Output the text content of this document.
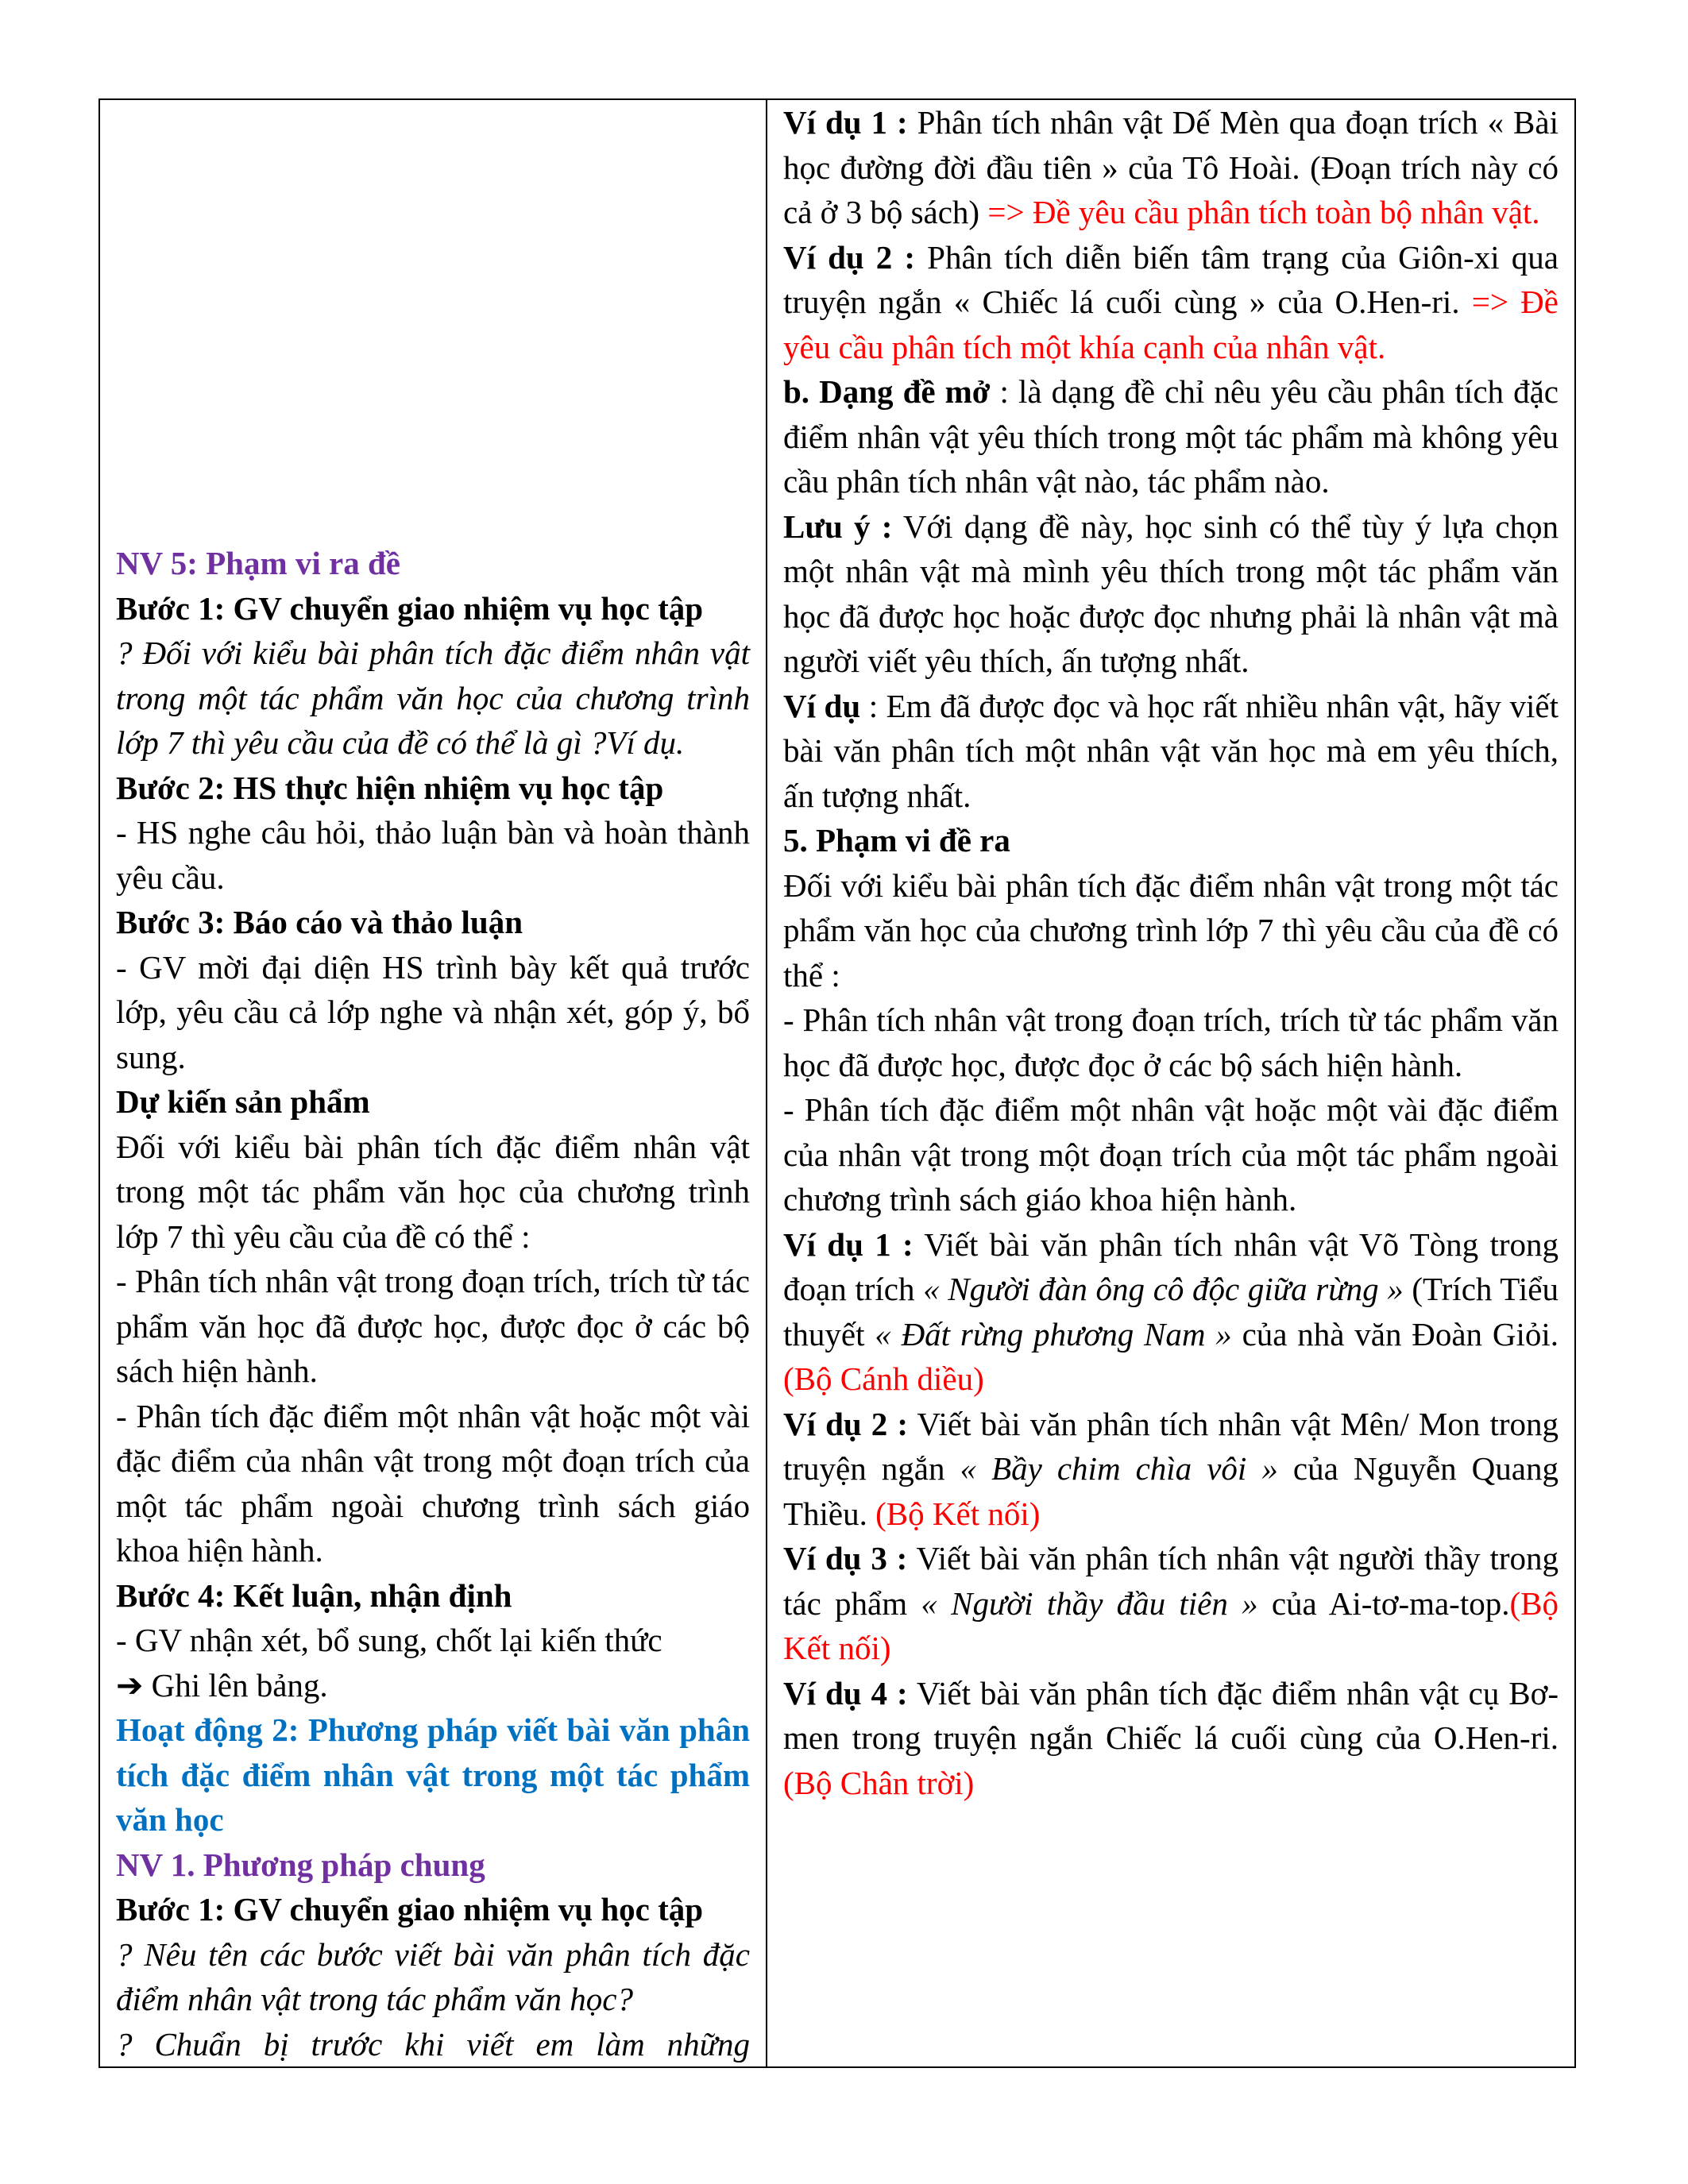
NV 5: Phạm vi ra đề

Bước 1: GV chuyển giao nhiệm vụ học tập

? Đối với kiểu bài phân tích đặc điểm nhân vật trong một tác phẩm văn học của chương trình lớp 7 thì yêu cầu của đề có thể là gì ?Ví dụ.

Bước 2: HS thực hiện nhiệm vụ học tập

- HS nghe câu hỏi, thảo luận bàn và hoàn thành yêu cầu.

Bước 3: Báo cáo và thảo luận

- GV mời đại diện HS trình bày kết quả trước lớp, yêu cầu cả lớp nghe và nhận xét, góp ý, bổ sung.

Dự kiến sản phẩm

Đối với kiểu bài phân tích đặc điểm nhân vật trong một tác phẩm văn học của chương trình lớp 7 thì yêu cầu của đề có thể :

- Phân tích nhân vật trong đoạn trích, trích từ tác phẩm văn học đã được học, được đọc ở các bộ sách hiện hành.

- Phân tích đặc điểm một nhân vật hoặc một vài đặc điểm của nhân vật trong một đoạn trích của một tác phẩm ngoài chương trình sách giáo khoa hiện hành.

Bước 4: Kết luận, nhận định

- GV nhận xét, bổ sung, chốt lại kiến thức
➔ Ghi lên bảng.

Hoạt động 2: Phương pháp viết bài văn phân tích đặc điểm nhân vật trong một tác phẩm văn học

NV 1. Phương pháp chung

Bước 1: GV chuyển giao nhiệm vụ học tập

? Nêu tên các bước viết bài văn phân tích đặc điểm nhân vật trong tác phẩm văn học?

? Chuẩn bị trước khi viết em làm những

Ví dụ 1 : Phân tích nhân vật Dế Mèn qua đoạn trích « Bài học đường đời đầu tiên » của Tô Hoài. (Đoạn trích này có cả ở 3 bộ sách) => Đề yêu cầu phân tích toàn bộ nhân vật.

Ví dụ 2 : Phân tích diễn biến tâm trạng của Giôn-xi qua truyện ngắn « Chiếc lá cuối cùng » của O.Hen-ri. => Đề yêu cầu phân tích một khía cạnh của nhân vật.

b. Dạng đề mở : là dạng đề chỉ nêu yêu cầu phân tích đặc điểm nhân vật yêu thích trong một tác phẩm mà không yêu cầu phân tích nhân vật nào, tác phẩm nào.

Lưu ý : Với dạng đề này, học sinh có thể tùy ý lựa chọn một nhân vật mà mình yêu thích trong một tác phẩm văn học đã được học hoặc được đọc nhưng phải là nhân vật mà người viết yêu thích, ấn tượng nhất.

Ví dụ : Em đã được đọc và học rất nhiều nhân vật, hãy viết bài văn phân tích một nhân vật văn học mà em yêu thích, ấn tượng nhất.

5. Phạm vi đề ra

Đối với kiểu bài phân tích đặc điểm nhân vật trong một tác phẩm văn học của chương trình lớp 7 thì yêu cầu của đề có thể :

- Phân tích nhân vật trong đoạn trích, trích từ tác phẩm văn học đã được học, được đọc ở các bộ sách hiện hành.

- Phân tích đặc điểm một nhân vật hoặc một vài đặc điểm của nhân vật trong một đoạn trích của một tác phẩm ngoài chương trình sách giáo khoa hiện hành.

Ví dụ 1 : Viết bài văn phân tích nhân vật Võ Tòng trong đoạn trích « Người đàn ông cô độc giữa rừng » (Trích Tiểu thuyết « Đất rừng phương Nam » của nhà văn Đoàn Giỏi. (Bộ Cánh diều)

Ví dụ 2 : Viết bài văn phân tích nhân vật Mên/ Mon trong truyện ngắn « Bầy chim chìa vôi » của Nguyễn Quang Thiều. (Bộ Kết nối)

Ví dụ 3 : Viết bài văn phân tích nhân vật người thầy trong tác phẩm « Người thầy đầu tiên » của Ai-tơ-ma-top.(Bộ Kết nối)

Ví dụ 4 : Viết bài văn phân tích đặc điểm nhân vật cụ Bơ-men trong truyện ngắn Chiếc lá cuối cùng của O.Hen-ri. (Bộ Chân trời)
